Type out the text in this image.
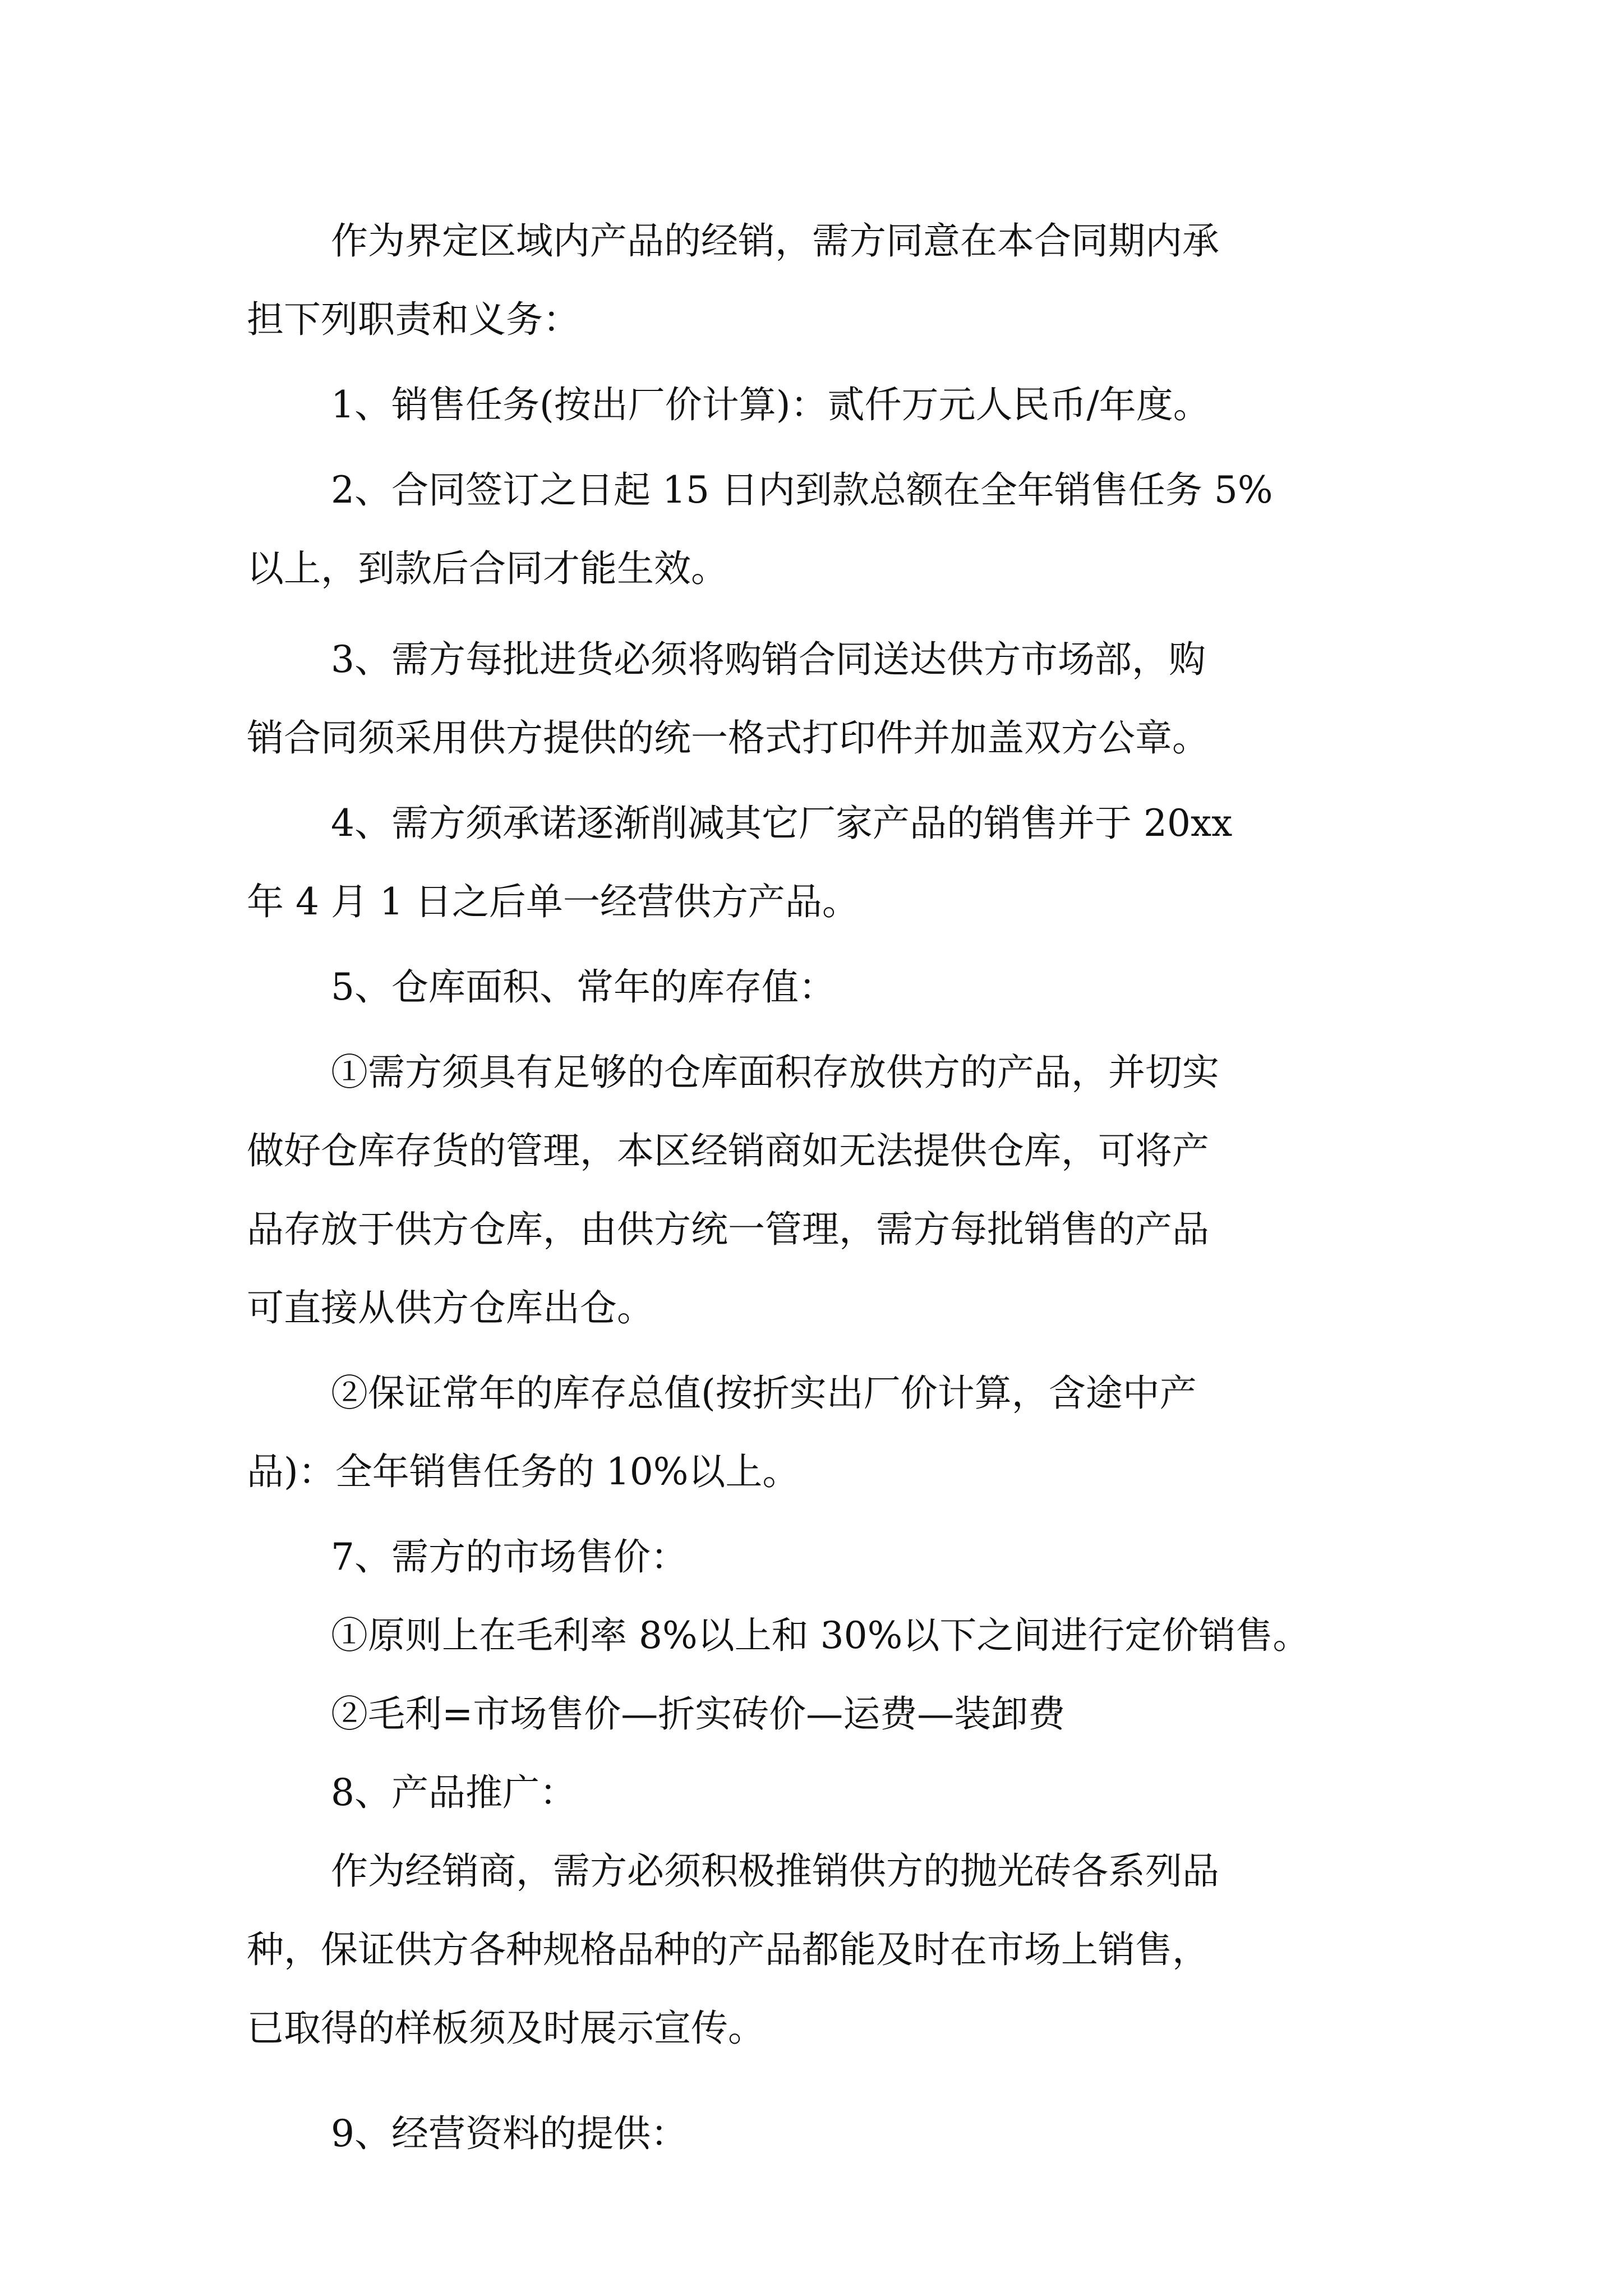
作为界定区域内产品的经销，需方同意在本合同期内承
担下列职责和义务：
1、销售任务(按出厂价计算)：贰仟万元人民币/年度。
2、合同签订之日起 15 日内到款总额在全年销售任务 5%
以上，到款后合同才能生效。
3、需方每批进货必须将购销合同送达供方市场部，购
销合同须采用供方提供的统一格式打印件并加盖双方公章。
4、需方须承诺逐渐削减其它厂家产品的销售并于 20xx
年 4 月 1 日之后单一经营供方产品。
5、仓库面积、常年的库存值：
①需方须具有足够的仓库面积存放供方的产品，并切实
做好仓库存货的管理，本区经销商如无法提供仓库，可将产
品存放于供方仓库，由供方统一管理，需方每批销售的产品
可直接从供方仓库出仓。
②保证常年的库存总值(按折实出厂价计算，含途中产
品)：全年销售任务的 10%以上。
7、需方的市场售价：
①原则上在毛利率 8%以上和 30%以下之间进行定价销售。
②毛利=市场售价—折实砖价—运费—装卸费
8、产品推广：
作为经销商，需方必须积极推销供方的抛光砖各系列品
种，保证供方各种规格品种的产品都能及时在市场上销售，
已取得的样板须及时展示宣传。
9、经营资料的提供：
